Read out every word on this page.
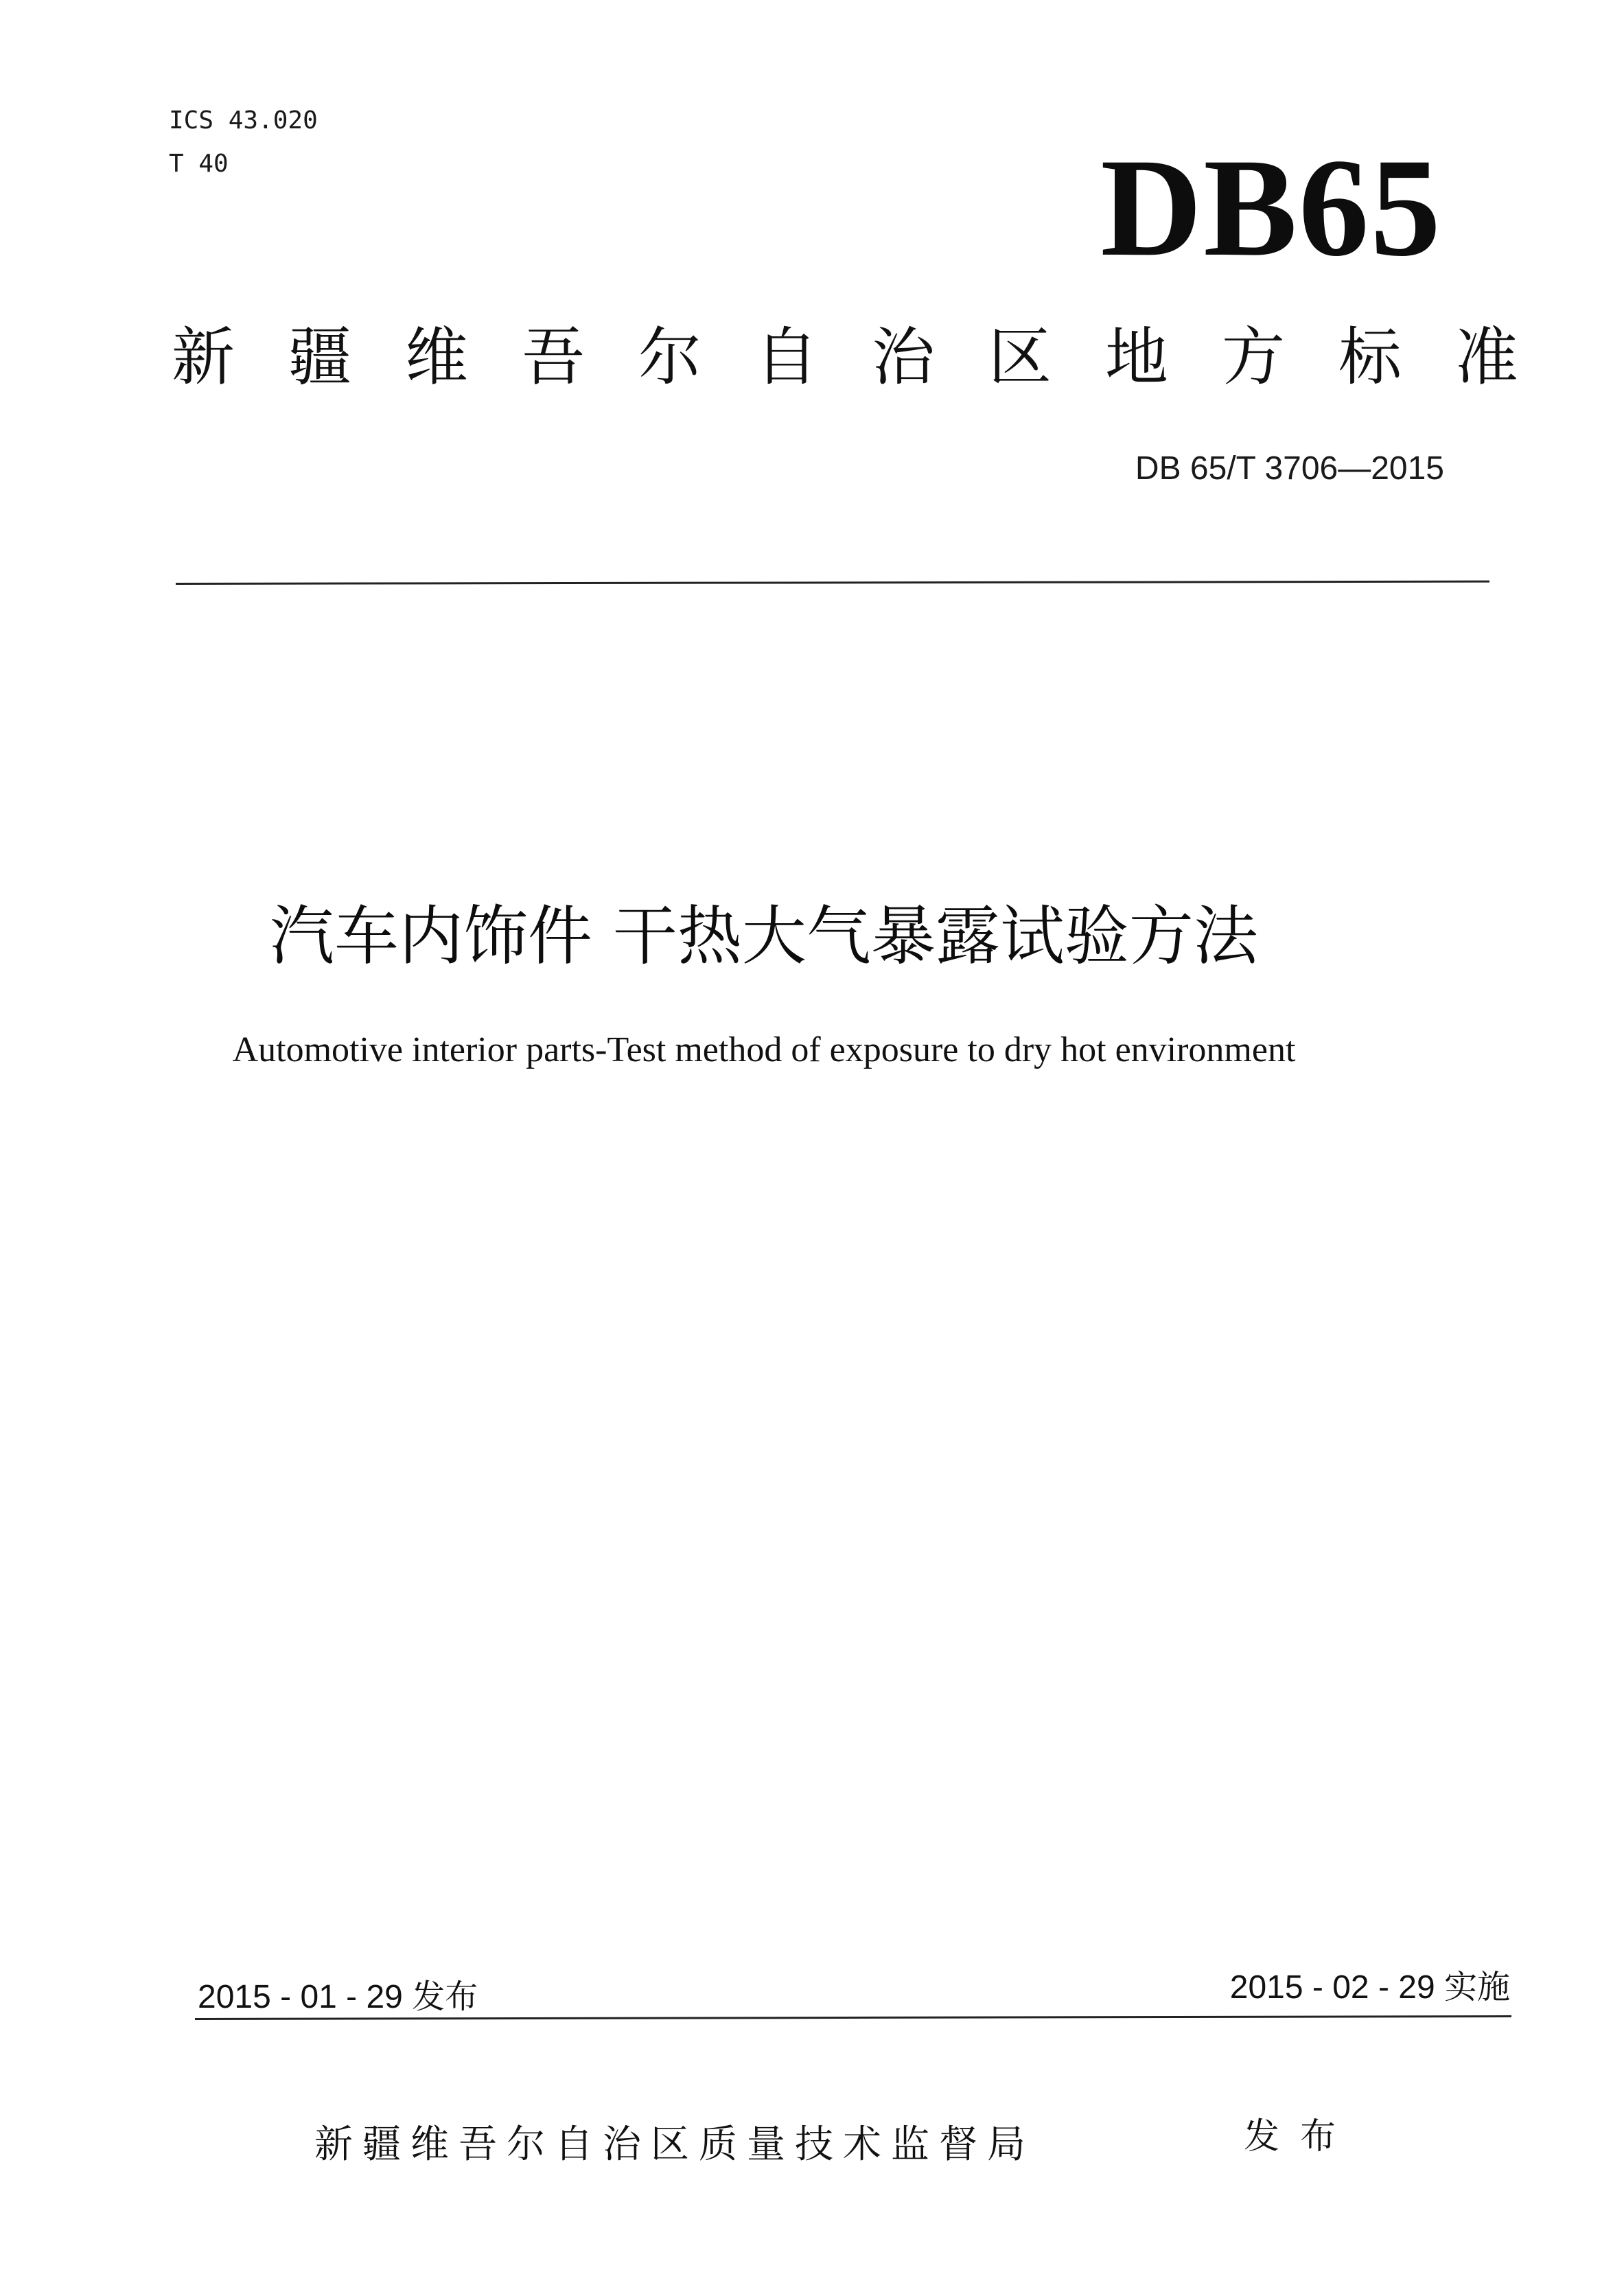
ICS 43.020
T 40	DB65
新疆维吾尔自治区地方标准
DB 65/T 3706—2015
汽车内饰件 干热大气暴露试验方法
Automotive interior parts-Test method of exposure to dry hot environment
2015 - 01 - 29 发布	2015 - 02 - 29 实施
新疆维吾尔自治区质量技术监督局	发布
